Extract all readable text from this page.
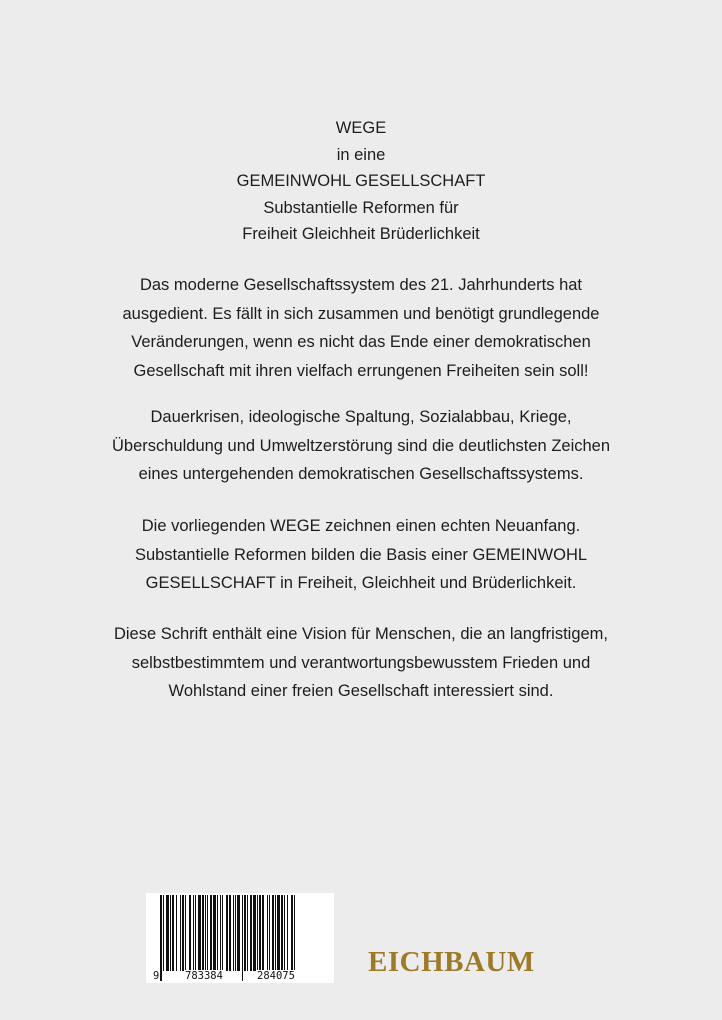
WEGE
in eine
GEMEINWOHL GESELLSCHAFT
Substantielle Reformen für
Freiheit Gleichheit Brüderlichkeit
Das moderne Gesellschaftssystem des 21. Jahrhunderts hat
ausgedient. Es fällt in sich zusammen und benötigt grundlegende
Veränderungen, wenn es nicht das Ende einer demokratischen
Gesellschaft mit ihren vielfach errungenen Freiheiten sein soll!
Dauerkrisen, ideologische Spaltung, Sozialabbau, Kriege,
Überschuldung und Umweltzerstörung sind die deutlichsten Zeichen
eines untergehenden demokratischen Gesellschaftssystems.
Die vorliegenden WEGE zeichnen einen echten Neuanfang.
Substantielle Reformen bilden die Basis einer GEMEINWOHL
GESELLSCHAFT in Freiheit, Gleichheit und Brüderlichkeit.
Diese Schrift enthält eine Vision für Menschen, die an langfristigem,
selbstbestimmtem und verantwortungsbewusstem Frieden und
Wohlstand einer freien Gesellschaft interessiert sind.
9 783384	284075	EICHBAUM
